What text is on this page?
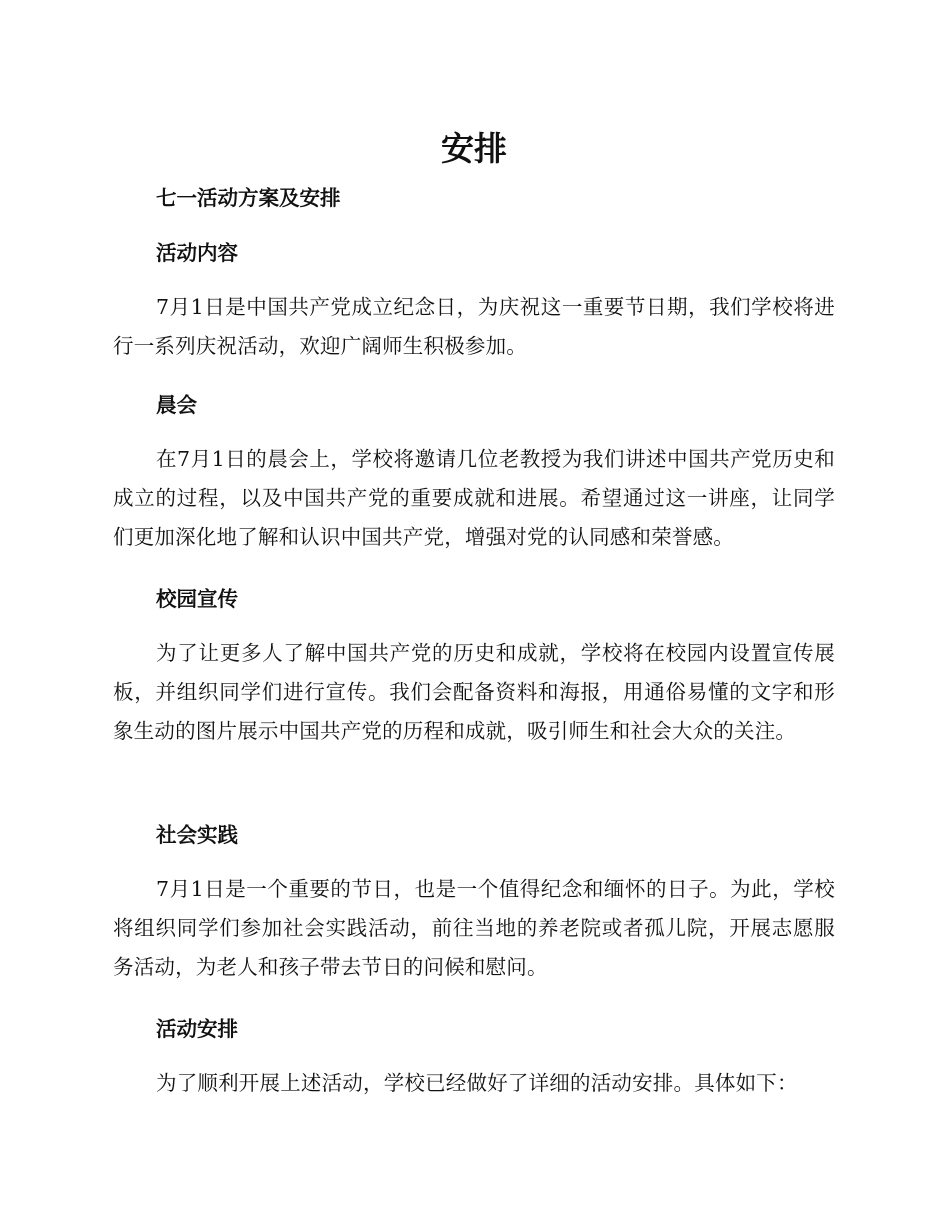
安排
七一活动方案及安排
活动内容

7月1日是中国共产党成立纪念日，为庆祝这一重要节日期，我们学校将进行一系列庆祝活动，欢迎广阔师生积极参加。

晨会

在7月1日的晨会上，学校将邀请几位老教授为我们讲述中国共产党历史和成立的过程，以及中国共产党的重要成就和进展。希望通过这一讲座，让同学们更加深化地了解和认识中国共产党，增强对党的认同感和荣誉感。

校园宣传

为了让更多人了解中国共产党的历史和成就，学校将在校园内设置宣传展板，并组织同学们进行宣传。我们会配备资料和海报，用通俗易懂的文字和形象生动的图片展示中国共产党的历程和成就，吸引师生和社会大众的关注。

社会实践

7月1日是一个重要的节日，也是一个值得纪念和缅怀的日子。为此，学校将组织同学们参加社会实践活动，前往当地的养老院或者孤儿院，开展志愿服务活动，为老人和孩子带去节日的问候和慰问。

活动安排

为了顺利开展上述活动，学校已经做好了详细的活动安排。具体如下：
